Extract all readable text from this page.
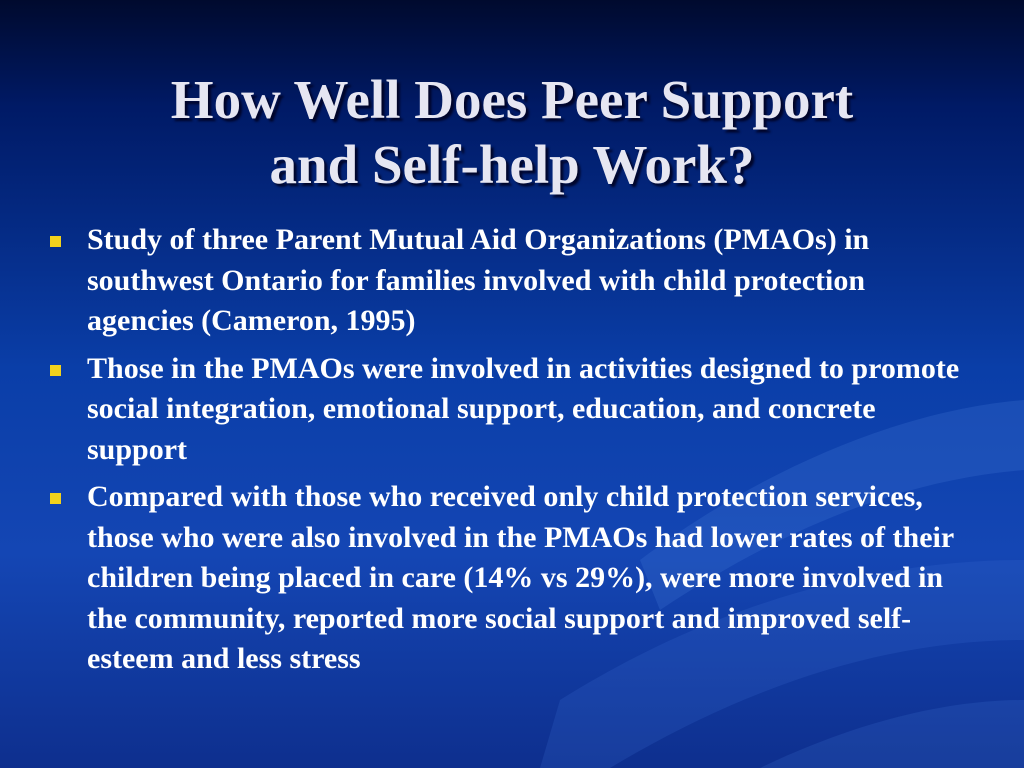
How Well Does Peer Support
and Self-help Work?
Study of three Parent Mutual Aid Organizations (PMAOs) in southwest Ontario for families involved with child protection agencies (Cameron, 1995)
Those in the PMAOs were involved in activities designed to promote social integration, emotional support, education, and concrete support
Compared with those who received only child protection services, those who were also involved in the PMAOs had lower rates of their children being placed in care (14% vs 29%), were more involved in the community, reported more social support and improved self-esteem and less stress
